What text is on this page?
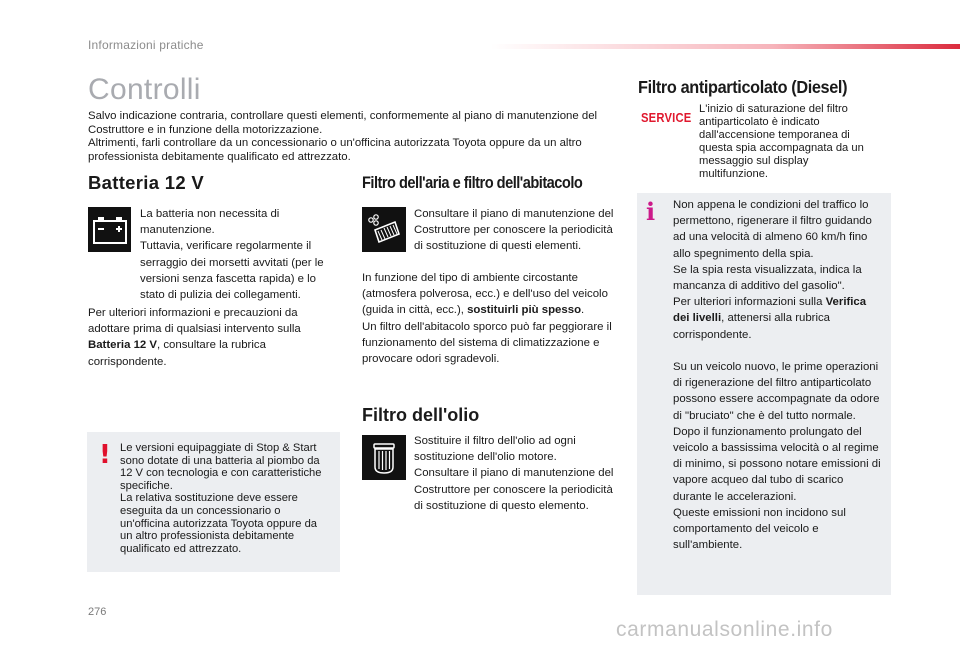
Informazioni pratiche
Controlli

Salvo indicazione contraria, controllare questi elementi, conformemente al piano di manutenzione del Costruttore e in funzione della motorizzazione.

Altrimenti, farli controllare da un concessionario o un'officina autorizzata Toyota oppure da un altro professionista debitamente qualificato ed attrezzato.

Batteria 12 V

La batteria non necessita di manutenzione.

Tuttavia, verificare regolarmente il serraggio dei morsetti avvitati (per le versioni senza fascetta rapida) e lo stato di pulizia dei collegamenti.

Per ulteriori informazioni e precauzioni da adottare prima di qualsiasi intervento sulla Batteria 12 V, consultare la rubrica corrispondente.

! Le versioni equipaggiate di Stop & Start sono dotate di una batteria al piombo da 12 V con tecnologia e con caratteristiche specifiche.

La relativa sostituzione deve essere eseguita da un concessionario o un'officina autorizzata Toyota oppure da un altro professionista debitamente qualificato ed attrezzato.

Filtro dell'aria e filtro dell'abitacolo

Consultare il piano di manutenzione del Costruttore per conoscere la periodicità di sostituzione di questi elementi.

In funzione del tipo di ambiente circostante (atmosfera polverosa, ecc.) e dell'uso del veicolo (guida in città, ecc.), sostituirli più spesso.

Un filtro dell'abitacolo sporco può far peggiorare il funzionamento del sistema di climatizzazione e provocare odori sgradevoli.

Filtro dell'olio

Sostituire il filtro dell'olio ad ogni sostituzione dell'olio motore.

Consultare il piano di manutenzione del Costruttore per conoscere la periodicità di sostituzione di questo elemento.

Filtro antiparticolato (Diesel)
SERVICE

L'inizio di saturazione del filtro antiparticolato è indicato dall'accensione temporanea di questa spia accompagnata da un messaggio sul display multifunzione.

i Non appena le condizioni del traffico lo permettono, rigenerare il filtro guidando ad una velocità di almeno 60 km/h fino allo spegnimento della spia.

Se la spia resta visualizzata, indica la mancanza di additivo del gasolio".

Per ulteriori informazioni sulla Verifica dei livelli, attenersi alla rubrica corrispondente.

Su un veicolo nuovo, le prime operazioni di rigenerazione del filtro antiparticolato possono essere accompagnate da odore di "bruciato" che è del tutto normale.

Dopo il funzionamento prolungato del veicolo a bassissima velocità o al regime di minimo, si possono notare emissioni di vapore acqueo dal tubo di scarico durante le accelerazioni.

Queste emissioni non incidono sul comportamento del veicolo e sull'ambiente.

276
carmanualsonline.info
